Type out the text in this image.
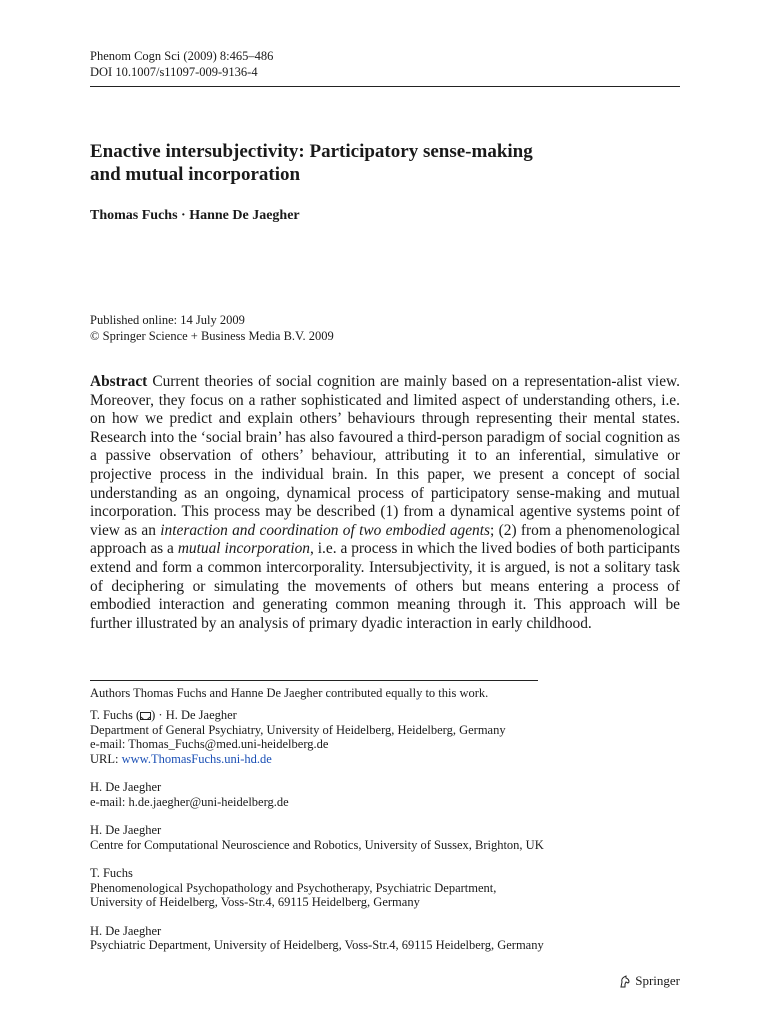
Phenom Cogn Sci (2009) 8:465–486
DOI 10.1007/s11097-009-9136-4
Enactive intersubjectivity: Participatory sense-making
and mutual incorporation
Thomas Fuchs · Hanne De Jaegher
Published online: 14 July 2009
© Springer Science + Business Media B.V. 2009

Abstract Current theories of social cognition are mainly based on a representation-alist view. Moreover, they focus on a rather sophisticated and limited aspect of understanding others, i.e. on how we predict and explain others’ behaviours through representing their mental states. Research into the ‘social brain’ has also favoured a third-person paradigm of social cognition as a passive observation of others’ behaviour, attributing it to an inferential, simulative or projective process in the individual brain. In this paper, we present a concept of social understanding as an ongoing, dynamical process of participatory sense-making and mutual incorporation. This process may be described (1) from a dynamical agentive systems point of view as an interaction and coordination of two embodied agents; (2) from a phenomenological approach as a mutual incorporation, i.e. a process in which the lived bodies of both participants extend and form a common intercorporality. Intersubjectivity, it is argued, is not a solitary task of deciphering or simulating the movements of others but means entering a process of embodied interaction and generating common meaning through it. This approach will be further illustrated by an analysis of primary dyadic interaction in early childhood.

Authors Thomas Fuchs and Hanne De Jaegher contributed equally to this work.
T. Fuchs ( ) · H. De Jaegher
Department of General Psychiatry, University of Heidelberg, Heidelberg, Germany
e-mail: Thomas_Fuchs@med.uni-heidelberg.de
URL: www.ThomasFuchs.uni-hd.de
H. De Jaegher
e-mail: h.de.jaegher@uni-heidelberg.de
H. De Jaegher
Centre for Computational Neuroscience and Robotics, University of Sussex, Brighton, UK
T. Fuchs
Phenomenological Psychopathology and Psychotherapy, Psychiatric Department,
University of Heidelberg, Voss-Str.4, 69115 Heidelberg, Germany
H. De Jaegher
Psychiatric Department, University of Heidelberg, Voss-Str.4, 69115 Heidelberg, Germany
Springer
